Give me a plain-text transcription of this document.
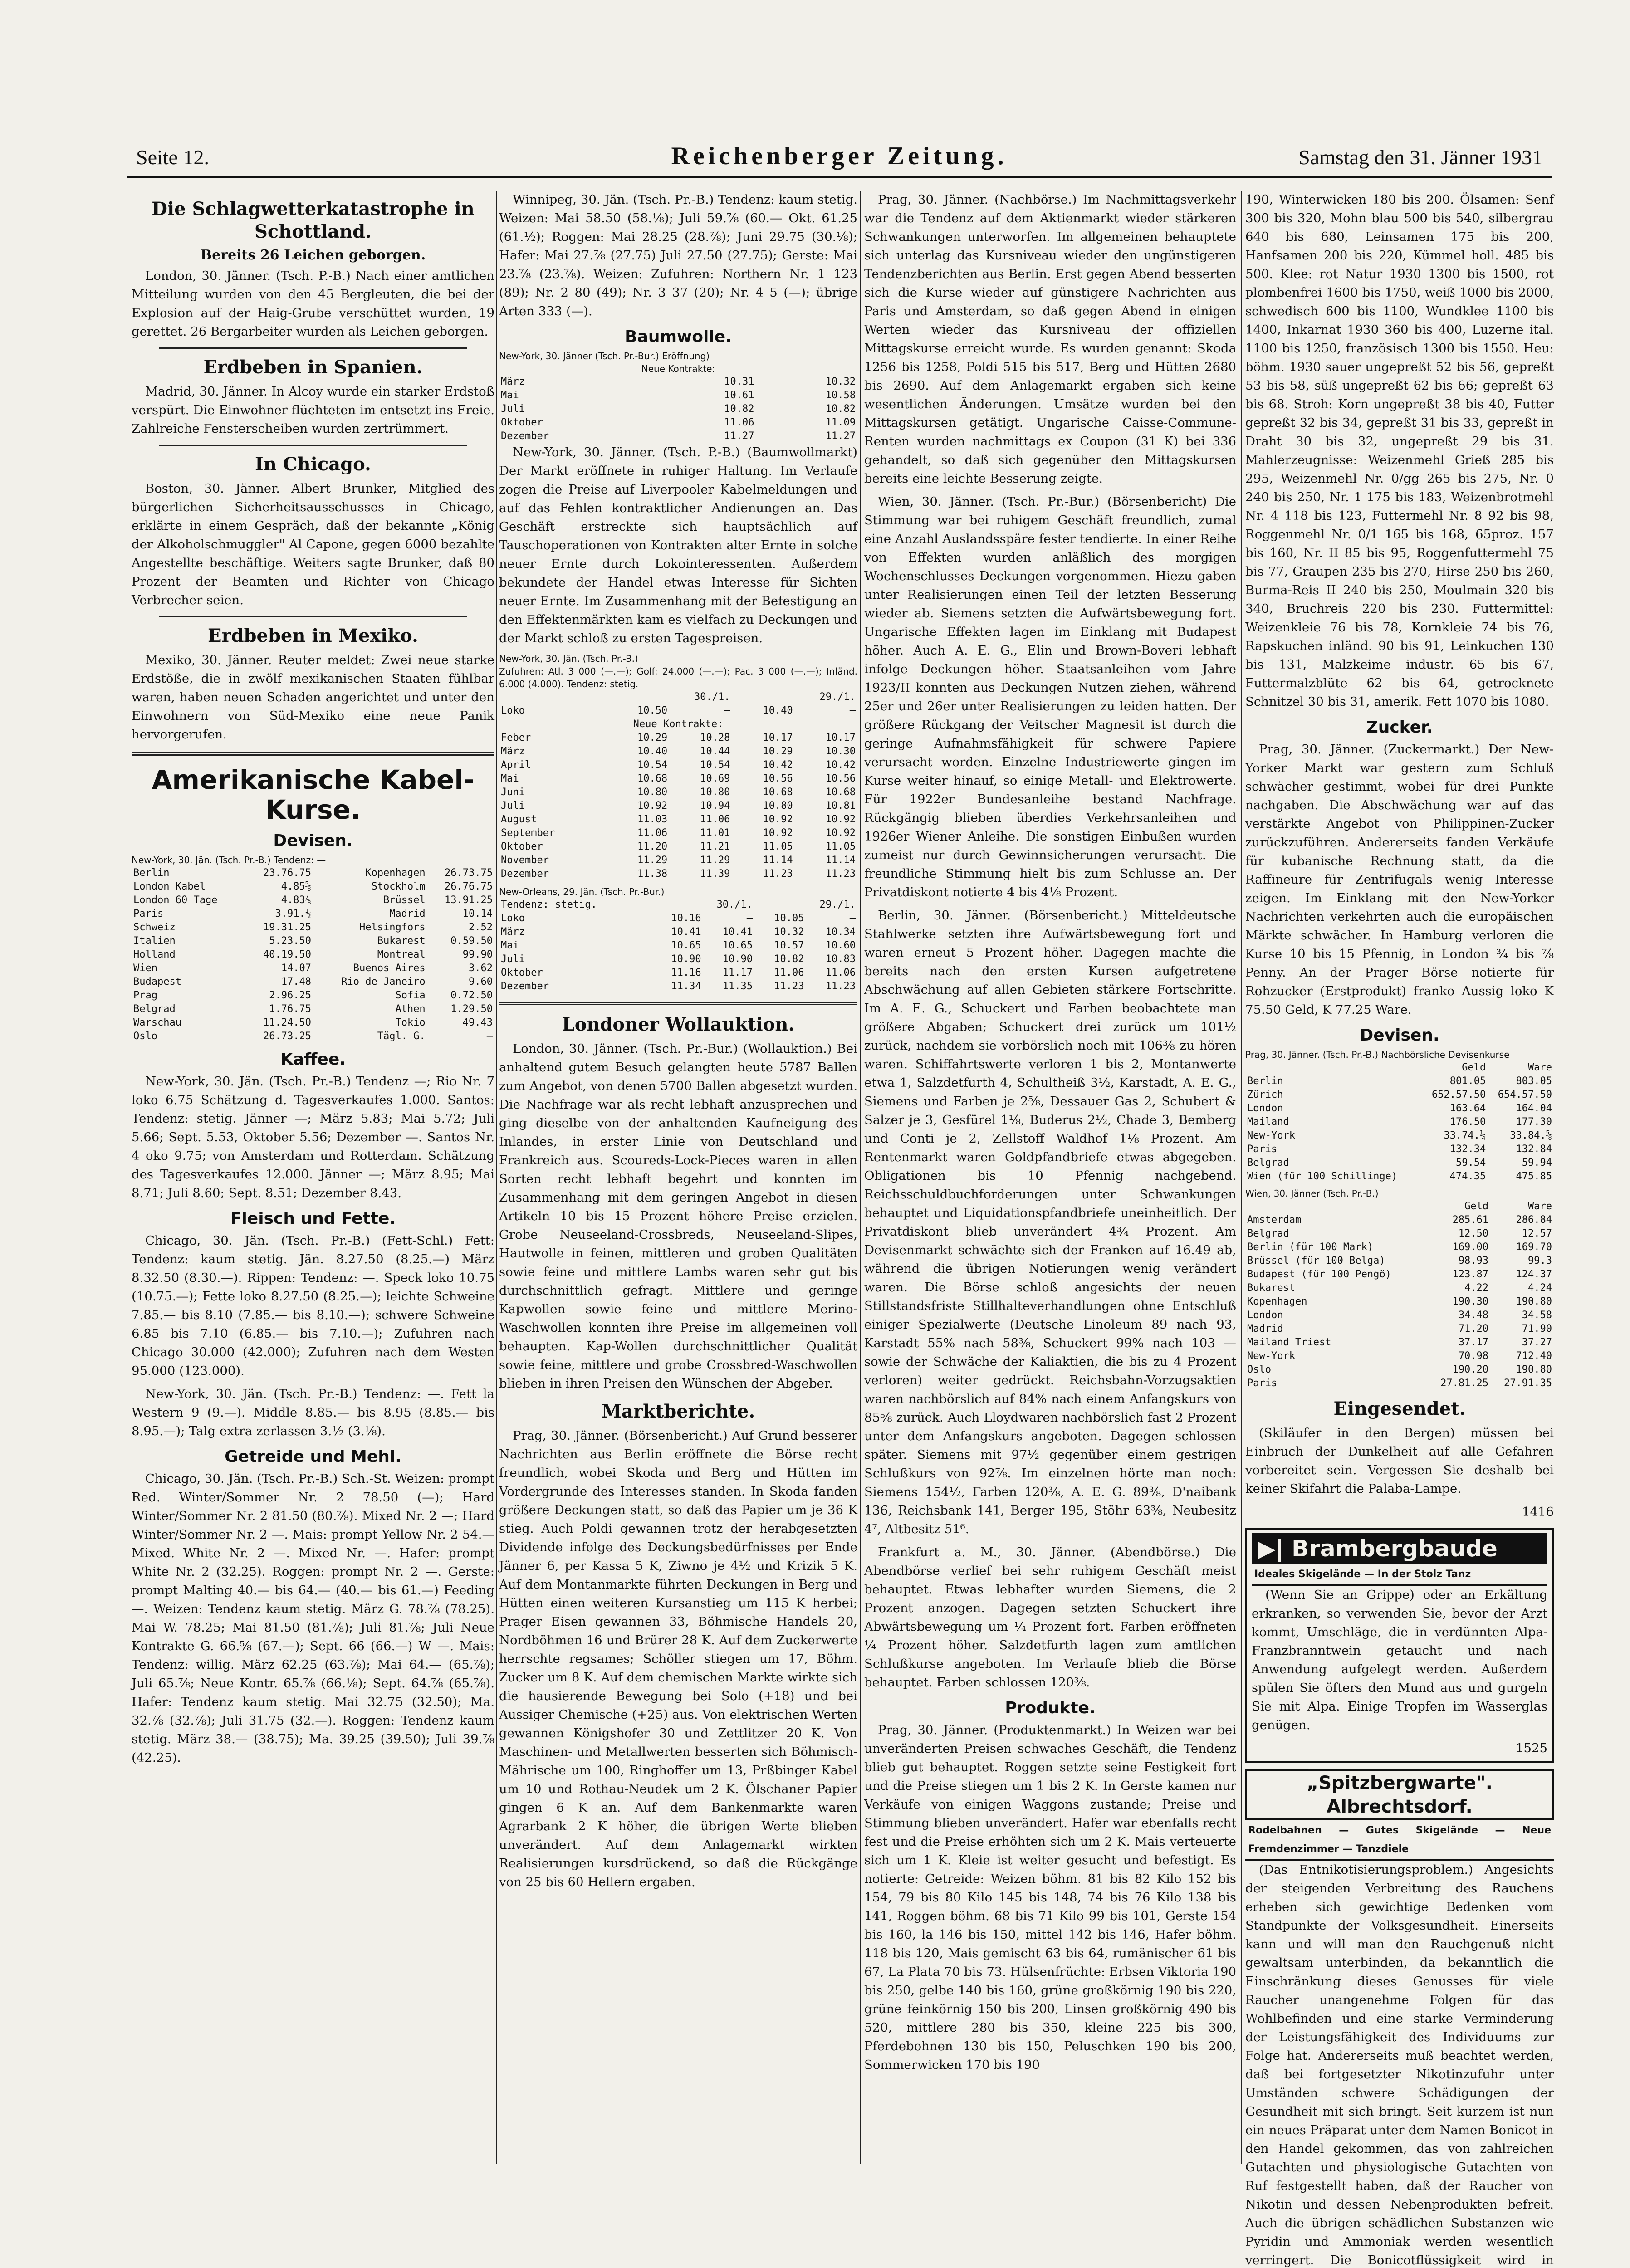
Seite 12.	Reichenberger Zeitung.	Samstag den 31. Jänner 1931
Die Schlagwetterkatastrophe in Schottland.
Bereits 26 Leichen geborgen.

London, 30. Jänner. (Tsch. P.-B.) Nach einer amtlichen Mitteilung wurden von den 45 Bergleuten, die bei der Explosion auf der Haig-Grube verschüttet wurden, 19 gerettet. 26 Bergarbeiter wurden als Leichen geborgen.

Erdbeben in Spanien.

Madrid, 30. Jänner. In Alcoy wurde ein starker Erdstoß verspürt. Die Einwohner flüchteten im entsetzt ins Freie. Zahlreiche Fensterscheiben wurden zertrümmert.

In Chicago.

Boston, 30. Jänner. Albert Brunker, Mitglied des bürgerlichen Sicherheitsausschusses in Chicago, erklärte in einem Gespräch, daß der bekannte „König der Alkoholschmuggler" Al Capone, gegen 6000 bezahlte Angestellte beschäftige. Weiters sagte Brunker, daß 80 Prozent der Beamten und Richter von Chicago Verbrecher seien.

Erdbeben in Mexiko.

Mexiko, 30. Jänner. Reuter meldet: Zwei neue starke Erdstöße, die in zwölf mexikanischen Staaten fühlbar waren, haben neuen Schaden angerichtet und unter den Einwohnern von Süd-Mexiko eine neue Panik hervorgerufen.

Amerikanische Kabel-Kurse.
Devisen.
New-York, 30. Jän. (Tsch. Pr.-B.) Tendenz: —
Berlin	23.76.75	Kopenhagen	26.73.75
London Kabel	4.85⅝	Stockholm	26.76.75
London 60 Tage	4.83⅞	Brüssel	13.91.25
Paris	3.91.½	Madrid	10.14
Schweiz	19.31.25	Helsingfors	2.52
Italien	5.23.50	Bukarest	0.59.50
Holland	40.19.50	Montreal	99.90
Wien	14.07	Buenos Aires	3.62
Budapest	17.48	Rio de Janeiro	9.60
Prag	2.96.25	Sofia	0.72.50
Belgrad	1.76.75	Athen	1.29.50
Warschau	11.24.50	Tokio	49.43
Oslo	26.73.25	Tägl. G.	—
Kaffee.

New-York, 30. Jän. (Tsch. Pr.-B.) Tendenz —; Rio Nr. 7 loko 6.75 Schätzung d. Tagesverkaufes 1.000. Santos: Tendenz: stetig. Jänner —; März 5.83; Mai 5.72; Juli 5.66; Sept. 5.53, Oktober 5.56; Dezember —. Santos Nr. 4 oko 9.75; von Amsterdam und Rotterdam. Schätzung des Tagesverkaufes 12.000. Jänner —; März 8.95; Mai 8.71; Juli 8.60; Sept. 8.51; Dezember 8.43.

Fleisch und Fette.

Chicago, 30. Jän. (Tsch. Pr.-B.) (Fett-Schl.) Fett: Tendenz: kaum stetig. Jän. 8.27.50 (8.25.—) März 8.32.50 (8.30.—). Rippen: Tendenz: —. Speck loko 10.75 (10.75.—); Fette loko 8.27.50 (8.25.—); leichte Schweine 7.85.— bis 8.10 (7.85.— bis 8.10.—); schwere Schweine 6.85 bis 7.10 (6.85.— bis 7.10.—); Zufuhren nach Chicago 30.000 (42.000); Zufuhren nach dem Westen 95.000 (123.000).

New-York, 30. Jän. (Tsch. Pr.-B.) Tendenz: —. Fett la Western 9 (9.—). Middle 8.85.— bis 8.95 (8.85.— bis 8.95.—); Talg extra zerlassen 3.½ (3.⅛).

Getreide und Mehl.

Chicago, 30. Jän. (Tsch. Pr.-B.) Sch.-St. Weizen: prompt Red. Winter/Sommer Nr. 2 78.50 (—); Hard Winter/Sommer Nr. 2 81.50 (80.⅞). Mixed Nr. 2 —; Hard Winter/Sommer Nr. 2 —. Mais: prompt Yellow Nr. 2 54.— Mixed. White Nr. 2 —. Mixed Nr. —. Hafer: prompt White Nr. 2 (32.25). Roggen: prompt Nr. 2 —. Gerste: prompt Malting 40.— bis 64.— (40.— bis 61.—) Feeding —. Weizen: Tendenz kaum stetig. März G. 78.⅞ (78.25). Mai W. 78.25; Mai 81.50 (81.⅞); Juli 81.⅞; Juli Neue Kontrakte G. 66.⅝ (67.—); Sept. 66 (66.—) W —. Mais: Tendenz: willig. März 62.25 (63.⅞); Mai 64.— (65.⅞); Juli 65.⅞; Neue Kontr. 65.⅞ (66.⅛); Sept. 64.⅞ (65.⅞). Hafer: Tendenz kaum stetig. Mai 32.75 (32.50); Ma. 32.⅞ (32.⅞); Juli 31.75 (32.—). Roggen: Tendenz kaum stetig. März 38.— (38.75); Ma. 39.25 (39.50); Juli 39.⅞ (42.25).

Winnipeg, 30. Jän. (Tsch. Pr.-B.) Tendenz: kaum stetig. Weizen: Mai 58.50 (58.⅛); Juli 59.⅞ (60.— Okt. 61.25 (61.½); Roggen: Mai 28.25 (28.⅞); Juni 29.75 (30.⅛); Hafer: Mai 27.⅞ (27.75) Juli 27.50 (27.75); Gerste: Mai 23.⅞ (23.⅞). Weizen: Zufuhren: Northern Nr. 1 123 (89); Nr. 2 80 (49); Nr. 3 37 (20); Nr. 4 5 (—); übrige Arten 333 (—).

Baumwolle.
New-York, 30. Jänner (Tsch. Pr.-Bur.) Eröffnung)
Neue Kontrakte:
März	10.31	10.32
Mai	10.61	10.58
Juli	10.82	10.82
Oktober	11.06	11.09
Dezember	11.27	11.27

New-York, 30. Jänner. (Tsch. P.-B.) (Baumwollmarkt) Der Markt eröffnete in ruhiger Haltung. Im Verlaufe zogen die Preise auf Liverpooler Kabelmeldungen und auf das Fehlen kontraktlicher Andienungen an. Das Geschäft erstreckte sich hauptsächlich auf Tauschoperationen von Kontrakten alter Ernte in solche neuer Ernte durch Lokointeressenten. Außerdem bekundete der Handel etwas Interesse für Sichten neuer Ernte. Im Zusammenhang mit der Befestigung an den Effektenmärkten kam es vielfach zu Deckungen und der Markt schloß zu ersten Tagespreisen.

New-York, 30. Jän. (Tsch. Pr.-B.)
Zufuhren: Atl. 3 000 (—.—); Golf: 24.000 (—.—); Pac. 3 000 (—.—); Inländ. 6.000 (4.000). Tendenz: stetig.
	30./1.		29./1.	
Loko	10.50	—	10.40	—
Neue Kontrakte:				
Feber	10.29	10.28	10.17	10.17
März	10.40	10.44	10.29	10.30
April	10.54	10.54	10.42	10.42
Mai	10.68	10.69	10.56	10.56
Juni	10.80	10.80	10.68	10.68
Juli	10.92	10.94	10.80	10.81
August	11.03	11.06	10.92	10.92
September	11.06	11.01	10.92	10.92
Oktober	11.20	11.21	11.05	11.05
November	11.29	11.29	11.14	11.14
Dezember	11.38	11.39	11.23	11.23
New-Orleans, 29. Jän. (Tsch. Pr.-Bur.)
Tendenz: stetig.	30./1.		29./1.	
Loko	10.16	—	10.05	—
März	10.41	10.41	10.32	10.34
Mai	10.65	10.65	10.57	10.60
Juli	10.90	10.90	10.82	10.83
Oktober	11.16	11.17	11.06	11.06
Dezember	11.34	11.35	11.23	11.23
Londoner Wollauktion.

London, 30. Jänner. (Tsch. Pr.-Bur.) (Wollauktion.) Bei anhaltend gutem Besuch gelangten heute 5787 Ballen zum Angebot, von denen 5700 Ballen abgesetzt wurden. Die Nachfrage war als recht lebhaft anzusprechen und ging dieselbe von der anhaltenden Kaufneigung des Inlandes, in erster Linie von Deutschland und Frankreich aus. Scoureds-Lock-Pieces waren in allen Sorten recht lebhaft begehrt und konnten im Zusammenhang mit dem geringen Angebot in diesen Artikeln 10 bis 15 Prozent höhere Preise erzielen. Grobe Neuseeland-Crossbreds, Neuseeland-Slipes, Hautwolle in feinen, mittleren und groben Qualitäten sowie feine und mittlere Lambs waren sehr gut bis durchschnittlich gefragt. Mittlere und geringe Kapwollen sowie feine und mittlere Merino-Waschwollen konnten ihre Preise im allgemeinen voll behaupten. Kap-Wollen durchschnittlicher Qualität sowie feine, mittlere und grobe Crossbred-Waschwollen blieben in ihren Preisen den Wünschen der Abgeber.

Marktberichte.

Prag, 30. Jänner. (Börsenbericht.) Auf Grund besserer Nachrichten aus Berlin eröffnete die Börse recht freundlich, wobei Skoda und Berg und Hütten im Vordergrunde des Interesses standen. In Skoda fanden größere Deckungen statt, so daß das Papier um je 36 K stieg. Auch Poldi gewannen trotz der herabgesetzten Dividende infolge des Deckungsbedürfnisses per Ende Jänner 6, per Kassa 5 K, Ziwno je 4½ und Krizik 5 K. Auf dem Montanmarkte führten Deckungen in Berg und Hütten einen weiteren Kursanstieg um 115 K herbei; Prager Eisen gewannen 33, Böhmische Handels 20, Nordböhmen 16 und Brürer 28 K. Auf dem Zuckerwerte herrschte regsames; Schöller stiegen um 17, Böhm. Zucker um 8 K. Auf dem chemischen Markte wirkte sich die hausierende Bewegung bei Solo (+18) und bei Aussiger Chemische (+25) aus. Von elektrischen Werten gewannen Königshofer 30 und Zettlitzer 20 K. Von Maschinen- und Metallwerten besserten sich Böhmisch-Mährische um 100, Ringhoffer um 13, Prßbinger Kabel um 10 und Rothau-Neudek um 2 K. Ölschaner Papier gingen 6 K an. Auf dem Bankenmarkte waren Agrarbank 2 K höher, die übrigen Werte blieben unverändert. Auf dem Anlagemarkt wirkten Realisierungen kursdrückend, so daß die Rückgänge von 25 bis 60 Hellern ergaben.

Prag, 30. Jänner. (Nachbörse.) Im Nachmittagsverkehr war die Tendenz auf dem Aktienmarkt wieder stärkeren Schwankungen unterworfen. Im allgemeinen behauptete sich unterlag das Kursniveau wieder den ungünstigeren Tendenzberichten aus Berlin. Erst gegen Abend besserten sich die Kurse wieder auf günstigere Nachrichten aus Paris und Amsterdam, so daß gegen Abend in einigen Werten wieder das Kursniveau der offiziellen Mittagskurse erreicht wurde. Es wurden genannt: Skoda 1256 bis 1258, Poldi 515 bis 517, Berg und Hütten 2680 bis 2690. Auf dem Anlagemarkt ergaben sich keine wesentlichen Änderungen. Umsätze wurden bei den Mittagskursen getätigt. Ungarische Caisse-Commune-Renten wurden nachmittags ex Coupon (31 K) bei 336 gehandelt, so daß sich gegenüber den Mittagskursen bereits eine leichte Besserung zeigte.

Wien, 30. Jänner. (Tsch. Pr.-Bur.) (Börsenbericht) Die Stimmung war bei ruhigem Geschäft freundlich, zumal eine Anzahl Auslandsspäre fester tendierte. In einer Reihe von Effekten wurden anläßlich des morgigen Wochenschlusses Deckungen vorgenommen. Hiezu gaben unter Realisierungen einen Teil der letzten Besserung wieder ab. Siemens setzten die Aufwärtsbewegung fort. Ungarische Effekten lagen im Einklang mit Budapest höher. Auch A. E. G., Elin und Brown-Boveri lebhaft infolge Deckungen höher. Staatsanleihen vom Jahre 1923/II konnten aus Deckungen Nutzen ziehen, während 25er und 26er unter Realisierungen zu leiden hatten. Der größere Rückgang der Veitscher Magnesit ist durch die geringe Aufnahmsfähigkeit für schwere Papiere verursacht worden. Einzelne Industriewerte gingen im Kurse weiter hinauf, so einige Metall- und Elektrowerte. Für 1922er Bundesanleihe bestand Nachfrage. Rückgängig blieben überdies Verkehrsanleihen und 1926er Wiener Anleihe. Die sonstigen Einbußen wurden zumeist nur durch Gewinnsicherungen verursacht. Die freundliche Stimmung hielt bis zum Schlusse an. Der Privatdiskont notierte 4 bis 4⅛ Prozent.

Berlin, 30. Jänner. (Börsenbericht.) Mitteldeutsche Stahlwerke setzten ihre Aufwärtsbewegung fort und waren erneut 5 Prozent höher. Dagegen machte die bereits nach den ersten Kursen aufgetretene Abschwächung auf allen Gebieten stärkere Fortschritte. Im A. E. G., Schuckert und Farben beobachtete man größere Abgaben; Schuckert drei zurück um 101½ zurück, nachdem sie vorbörslich noch mit 106⅜ zu hören waren. Schiffahrtswerte verloren 1 bis 2, Montanwerte etwa 1, Salzdetfurth 4, Schultheiß 3½, Karstadt, A. E. G., Siemens und Farben je 2⅝, Dessauer Gas 2, Schubert & Salzer je 3, Gesfürel 1⅛, Buderus 2½, Chade 3, Bemberg und Conti je 2, Zellstoff Waldhof 1⅛ Prozent. Am Rentenmarkt waren Goldpfandbriefe etwas abgegeben. Obligationen bis 10 Pfennig nachgebend. Reichsschuldbuchforderungen unter Schwankungen behauptet und Liquidationspfandbriefe uneinheitlich. Der Privatdiskont blieb unverändert 4¾ Prozent. Am Devisenmarkt schwächte sich der Franken auf 16.49 ab, während die übrigen Notierungen wenig verändert waren. Die Börse schloß angesichts der neuen Stillstandsfriste Stillhalteverhandlungen ohne Entschluß einiger Spezialwerte (Deutsche Linoleum 89 nach 93, Karstadt 55% nach 58⅜, Schuckert 99% nach 103 — sowie der Schwäche der Kaliaktien, die bis zu 4 Prozent verloren) weiter gedrückt. Reichsbahn-Vorzugsaktien waren nachbörslich auf 84% nach einem Anfangskurs von 85⅝ zurück. Auch Lloydwaren nachbörslich fast 2 Prozent unter dem Anfangskurs angeboten. Dagegen schlossen später. Siemens mit 97½ gegenüber einem gestrigen Schlußkurs von 92⅞. Im einzelnen hörte man noch: Siemens 154½, Farben 120⅜, A. E. G. 89⅜, D'naibank 136, Reichsbank 141, Berger 195, Stöhr 63⅜, Neubesitz 4⁷, Altbesitz 51⁶.

Frankfurt a. M., 30. Jänner. (Abendbörse.) Die Abendbörse verlief bei sehr ruhigem Geschäft meist behauptet. Etwas lebhafter wurden Siemens, die 2 Prozent anzogen. Dagegen setzten Schuckert ihre Abwärtsbewegung um ¼ Prozent fort. Farben eröffneten ¼ Prozent höher. Salzdetfurth lagen zum amtlichen Schlußkurse angeboten. Im Verlaufe blieb die Börse behauptet. Farben schlossen 120⅜.

Produkte.

Prag, 30. Jänner. (Produktenmarkt.) In Weizen war bei unveränderten Preisen schwaches Geschäft, die Tendenz blieb gut behauptet. Roggen setzte seine Festigkeit fort und die Preise stiegen um 1 bis 2 K. In Gerste kamen nur Verkäufe von einigen Waggons zustande; Preise und Stimmung blieben unverändert. Hafer war ebenfalls recht fest und die Preise erhöhten sich um 2 K. Mais verteuerte sich um 1 K. Kleie ist weiter gesucht und befestigt. Es notierte: Getreide: Weizen böhm. 81 bis 82 Kilo 152 bis 154, 79 bis 80 Kilo 145 bis 148, 74 bis 76 Kilo 138 bis 141, Roggen böhm. 68 bis 71 Kilo 99 bis 101, Gerste 154 bis 160, la 146 bis 150, mittel 142 bis 146, Hafer böhm. 118 bis 120, Mais gemischt 63 bis 64, rumänischer 61 bis 67, La Plata 70 bis 73. Hülsenfrüchte: Erbsen Viktoria 190 bis 250, gelbe 140 bis 160, grüne großkörnig 190 bis 220, grüne feinkörnig 150 bis 200, Linsen großkörnig 490 bis 520, mittlere 280 bis 350, kleine 225 bis 300, Pferdebohnen 130 bis 150, Peluschken 190 bis 200, Sommerwicken 170 bis 190

190, Winterwicken 180 bis 200. Ölsamen: Senf 300 bis 320, Mohn blau 500 bis 540, silbergrau 640 bis 680, Leinsamen 175 bis 200, Hanfsamen 200 bis 220, Kümmel holl. 485 bis 500. Klee: rot Natur 1930 1300 bis 1500, rot plombenfrei 1600 bis 1750, weiß 1000 bis 2000, schwedisch 600 bis 1100, Wundklee 1100 bis 1400, Inkarnat 1930 360 bis 400, Luzerne ital. 1100 bis 1250, französisch 1300 bis 1550. Heu: böhm. 1930 sauer ungepreßt 52 bis 56, gepreßt 53 bis 58, süß ungepreßt 62 bis 66; gepreßt 63 bis 68. Stroh: Korn ungepreßt 38 bis 40, Futter gepreßt 32 bis 34, gepreßt 31 bis 33, gepreßt in Draht 30 bis 32, ungepreßt 29 bis 31. Mahlerzeugnisse: Weizenmehl Grieß 285 bis 295, Weizenmehl Nr. 0/gg 265 bis 275, Nr. 0 240 bis 250, Nr. 1 175 bis 183, Weizenbrotmehl Nr. 4 118 bis 123, Futtermehl Nr. 8 92 bis 98, Roggenmehl Nr. 0/1 165 bis 168, 65proz. 157 bis 160, Nr. II 85 bis 95, Roggenfuttermehl 75 bis 77, Graupen 235 bis 270, Hirse 250 bis 260, Burma-Reis II 240 bis 250, Moulmain 320 bis 340, Bruchreis 220 bis 230. Futtermittel: Weizenkleie 76 bis 78, Kornkleie 74 bis 76, Rapskuchen inländ. 90 bis 91, Leinkuchen 130 bis 131, Malzkeime industr. 65 bis 67, Futtermalzblüte 62 bis 64, getrocknete Schnitzel 30 bis 31, amerik. Fett 1070 bis 1080.

Zucker.

Prag, 30. Jänner. (Zuckermarkt.) Der New-Yorker Markt war gestern zum Schluß schwächer gestimmt, wobei für drei Punkte nachgaben. Die Abschwächung war auf das verstärkte Angebot von Philippinen-Zucker zurückzuführen. Andererseits fanden Verkäufe für kubanische Rechnung statt, da die Raffineure für Zentrifugals wenig Interesse zeigen. Im Einklang mit den New-Yorker Nachrichten verkehrten auch die europäischen Märkte schwächer. In Hamburg verloren die Kurse 10 bis 15 Pfennig, in London ¾ bis ⅞ Penny. An der Prager Börse notierte für Rohzucker (Erstprodukt) franko Aussig loko K 75.50 Geld, K 77.25 Ware.

Devisen.
Prag, 30. Jänner. (Tsch. Pr.-B.) Nachbörsliche Devisenkurse
	Geld	Ware
Berlin	801.05	803.05
Zürich	652.57.50	654.57.50
London	163.64	164.04
Mailand	176.50	177.30
New-York	33.74.¼	33.84.⅝
Paris	132.34	132.84
Belgrad	59.54	59.94
Wien (für 100 Schillinge)	474.35	475.85
Wien, 30. Jänner (Tsch. Pr.-B.)
	Geld	Ware
Amsterdam	285.61	286.84
Belgrad	12.50	12.57
Berlin (für 100 Mark)	169.00	169.70
Brüssel (für 100 Belga)	98.93	99.3
Budapest (für 100 Pengö)	123.87	124.37
Bukarest	4.22	4.24
Kopenhagen	190.30	190.80
London	34.48	34.58
Madrid	71.20	71.90
Mailand Triest	37.17	37.27
New-York	70.98	712.40
Oslo	190.20	190.80
Paris	27.81.25	27.91.35
Eingesendet.

(Skiläufer in den Bergen) müssen bei Einbruch der Dunkelheit auf alle Gefahren vorbereitet sein. Vergessen Sie deshalb bei keiner Skifahrt die Palaba-Lampe.

1416
▶| Brambergbaude
Ideales Skigelände — In der Stolz Tanz

(Wenn Sie an Grippe) oder an Erkältung erkranken, so verwenden Sie, bevor der Arzt kommt, Umschläge, die in verdünnten Alpa-Franzbranntwein getaucht und nach Anwendung aufgelegt werden. Außerdem spülen Sie öfters den Mund aus und gurgeln Sie mit Alpa. Einige Tropfen im Wasserglas genügen.

1525
„Spitzbergwarte". Albrechtsdorf.
Rodelbahnen — Gutes Skigelände — Neue Fremdenzimmer — Tanzdiele

(Das Entnikotisierungsproblem.) Angesichts der steigenden Verbreitung des Rauchens erheben sich gewichtige Bedenken vom Standpunkte der Volksgesundheit. Einerseits kann und will man den Rauchgenuß nicht gewaltsam unterbinden, da bekanntlich die Einschränkung dieses Genusses für viele Raucher unangenehme Folgen für das Wohlbefinden und eine starke Verminderung der Leistungsfähigkeit des Individuums zur Folge hat. Andererseits muß beachtet werden, daß bei fortgesetzter Nikotinzufuhr unter Umständen schwere Schädigungen der Gesundheit mit sich bringt. Seit kurzem ist nun ein neues Präparat unter dem Namen Bonicot in den Handel gekommen, das von zahlreichen Gutachten und physiologische Gutachten von Ruf festgestellt haben, daß der Raucher von Nikotin und dessen Nebenprodukten befreit. Auch die übrigen schädlichen Substanzen wie Pyridin und Ammoniak werden wesentlich verringert. Die Bonicotflüssigkeit wird in
